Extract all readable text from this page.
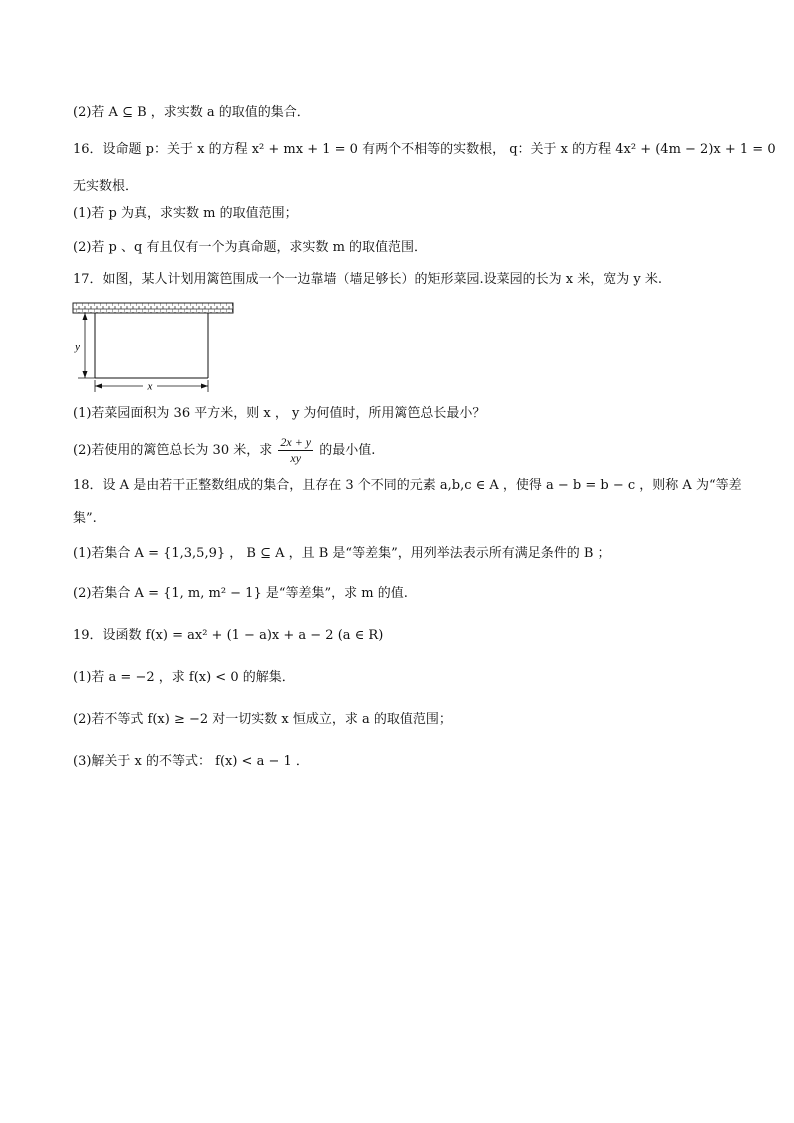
(2)若 A ⊆ B ，求实数 a 的取值的集合．
16．设命题 p：关于 x 的方程 x² + mx + 1 = 0 有两个不相等的实数根， q：关于 x 的方程 4x² + (4m − 2)x + 1 = 0
无实数根．
(1)若 p 为真，求实数 m 的取值范围；
(2)若 p 、q 有且仅有一个为真命题，求实数 m 的取值范围．
17．如图，某人计划用篱笆围成一个一边靠墙（墙足够长）的矩形菜园.设菜园的长为 x 米，宽为 y 米.
y
x
(1)若菜园面积为 36 平方米，则 x ， y 为何值时，所用篱笆总长最小？
(2)若使用的篱笆总长为 30 米，求 $\frac{2x + y}{xy}$ 的最小值.
18．设 A 是由若干正整数组成的集合，且存在 3 个不同的元素 a,b,c ∈ A ，使得 a − b = b − c ，则称 A 为“等差
集”.
(1)若集合 A = {1,3,5,9} ， B ⊆ A ，且 B 是“等差集”，用列举法表示所有满足条件的 B ；
(2)若集合 A = {1, m, m² − 1} 是“等差集”，求 m 的值.
19．设函数 f(x) = ax² + (1 − a)x + a − 2 (a ∈ R)
(1)若 a = −2 ，求 f(x) < 0 的解集．
(2)若不等式 f(x) ≥ −2 对一切实数 x 恒成立，求 a 的取值范围；
(3)解关于 x 的不等式： f(x) < a − 1 ．
